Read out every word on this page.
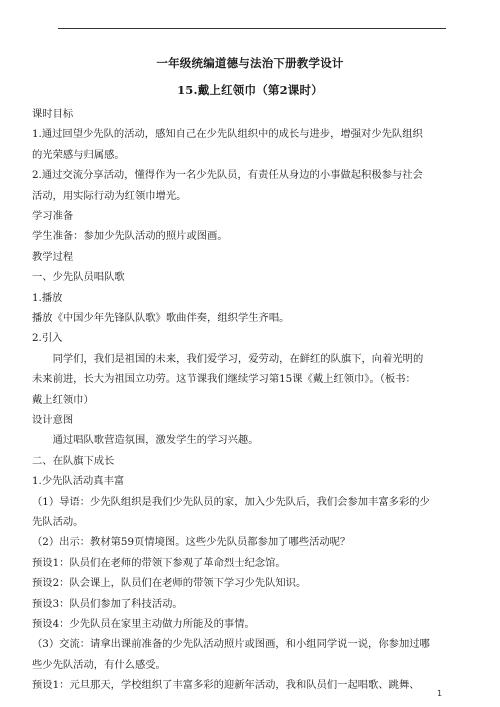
一年级统编道德与法治下册教学设计
15.戴上红领巾（第2课时）
课时目标
1.通过回望少先队的活动，感知自己在少先队组织中的成长与进步，增强对少先队组织
的光荣感与归属感。
2.通过交流分享活动，懂得作为一名少先队员，有责任从身边的小事做起积极参与社会
活动，用实际行动为红领巾增光。
学习准备
学生准备：参加少先队活动的照片或图画。
教学过程
一、少先队员唱队歌
1.播放
播放《中国少年先锋队队歌》歌曲伴奏，组织学生齐唱。
2.引入
　　同学们，我们是祖国的未来，我们爱学习，爱劳动，在鲜红的队旗下，向着光明的
未来前进，长大为祖国立功劳。这节课我们继续学习第15课《戴上红领巾》。（板书：
戴上红领巾）
设计意图
　　通过唱队歌营造氛围，激发学生的学习兴趣。
二、在队旗下成长
1.少先队活动真丰富
（1）导语：少先队组织是我们少先队员的家，加入少先队后，我们会参加丰富多彩的少
先队活动。
（2）出示：教材第59页情境图。这些少先队员都参加了哪些活动呢？
预设1：队员们在老师的带领下参观了革命烈士纪念馆。
预设2：队会课上，队员们在老师的带领下学习少先队知识。
预设3：队员们参加了科技活动。
预设4：少先队员在家里主动做力所能及的事情。
（3）交流：请拿出课前准备的少先队活动照片或图画，和小组同学说一说，你参加过哪
些少先队活动，有什么感受。
预设1：元旦那天，学校组织了丰富多彩的迎新年活动，我和队员们一起唱歌、跳舞、
1
